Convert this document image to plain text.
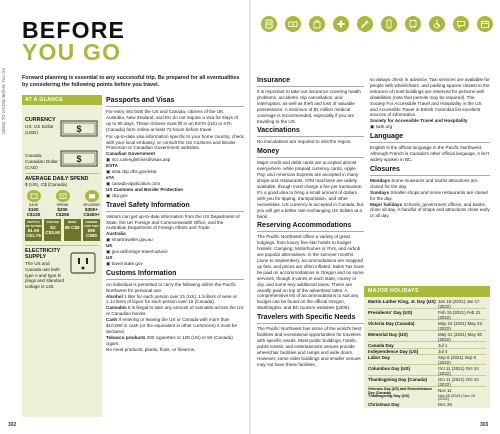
NEED TO KNOW Before You Go
BEFORE
YOU GO
Forward planning is essential to any successful trip. Be prepared for all eventualities by considering the following points before you travel.
AT A GLANCE
CURRENCY
US: US Dollar (USD)	$
Canada: Canadian Dollar (CAD)
$
AVERAGE DAILY SPEND
$ (US), C$ (Canada)
SAVE
$100 C$130
SPEND
$200 C$250
SPLURGE
$300+ C$400+
BOTTLE OF WATER
$1.50 C$1.75
COFFEE
$3 C$3.50
BEER
$6 C$8
DINNER FOR TWO
$80 C$80
ELECTRICITY SUPPLY
The US and Canada use both type A and type B plugs and standard voltage is 120.
Passports and Visas
For entry into both the US and Canada, citizens of the UK, Australia, New Zealand, and EU do not require a visa for stays of up to 90 days. These citizens must fill in an ESTA (US) or eTA (Canada) form online at least 72 hours before travel.
For up-to-date visa information specific to your home country, check with your local embassy, or consult the US Customs and Border Protection or Canadian Government websites.
Canadian Government
▣ ircc.ca/english/visit/visas.asp
ESTA
▣ esta.cbp.dhs.gov/esta
eTA
▣ canada-application.com
US Customs and Border Protection
▣ cbp.gov
Travel Safety Information
Visitors can get up-to-date information from the US Department of State, the UK Foreign and Commonwealth Office, and the Australian Department of Foreign Affairs and Trade.
Australia
▣ smartraveller.gov.au
UK
▣ gov.uk/foreign-travel-advice
US
▣ travel.state.gov
Customs Information
An individual is permitted to carry the following within the Pacific Northwest for personal use:
Alcohol 1 liter for each person over 21 (US), 1.5 liters of wine or 1.14 liters of liquor for each person over 19 (Canada).
Cannabis It is illegal to take any amount of cannabis across the US or Canadian border.
Cash If entering or leaving the US or Canada with more than $10,000 in cash (or the equivalent in other currencies) it must be declared.
Tobacco products 200 cigarettes or 100 (US) or 50 (Canada) cigars.
No meat products, plants, fruits, or firearms.
Insurance
It is important to take out insurance covering health problems, accidents, trip cancellation, and interruption, as well as theft and loss of valuable possessions. A minimum of $1 million medical coverage is recommended, especially if you are traveling to the US.
Vaccinations
No inoculations are required to visit the region.
Money
Major credit and debit cards are accepted almost everywhere, while prepaid currency cards, Apple Pay, and American Express are accepted in many shops and restaurants. ATM machines are widely available, though most charge a fee per transaction. It's a good idea to bring a small amount of dollars with you for tipping, transportation, and other necessities. US currency is accepted in Canada, but you will get a better rate exchanging US dollars at a bank.
Reserving Accommodations
The Pacific Northwest offers a variety of great lodgings, from luxury five-star hotels to budget hostels. Camping, Motorhomes or RVs, and Airbnb are popular alternatives. In the summer months (June to September), accommodations are snapped up fast, and prices are often inflated. Sales Tax must be paid on accommodations in Oregon and on some services, though it varies in each state, county or city, and some levy additional taxes. These are usually paid on top of the advertised rates. A comprehensive list of accommodations to suit any budget can be found on the official Oregon, Washington, and BC tourism websites (p309).
Travelers with Specific Needs
The Pacific Northwest has some of the world's best facilities and recreational opportunities for travelers with specific needs. Most public buildings, hotels, public transit, and entertainment venues provide wheelchair facilities and ramps and wide doors. However, some older buildings and smaller venues may not have these facilities,
so always check in advance. Taxi services are available for people with wheelchairs, and parking spaces closest to the entrance of most buildings are reserved for persons with disabilities (note that permits may be required). The Society For Accessible Travel and Hospitality in the US and Accessible Travel in British Columbia list excellent sources of information.
Society for Accessible Travel and Hospitality
▣ sath.org
Language
English is the official language in the Pacific Northwest. Although French is Canada's other official language, it isn't widely spoken in BC.
Closures
Mondays Some museums and tourist attractions are closed for the day.
Sundays Smaller shops and some restaurants are closed for the day.
Major holidays Schools, government offices, and banks close all day. A handful of shops and attractions close early or all day.
MAJOR HOLIDAYS
Martin Luther King, Jr. Day (US) Jan 18 (2021) Jan 17 (2022)
Presidents' Day (US)	Feb 15 (2021) Feb 21 (2022)
Victoria Day (Canada)	May 24 (2021) May 23 (2022)
Memorial Day (US)	May 31 (2021) May 30 (2022)
Canada Day	Jul 1
Independence Day (US)	Jul 4
Labor Day	Sep 6 (2021) Sep 5 (2022)
Columbus Day (US)	Oct 11 (2021) Oct 10 (2022)
Thanksgiving Day (Canada)	Oct 11 (2021) Oct 10 (2022)
Veterans Day (US) and Remembrance Day (Canada)	Nov 11
Thanksgiving Day (US)	Nov 25 (2021) Nov 24 (2022)
Christmas Day	Dec 25
302	303
